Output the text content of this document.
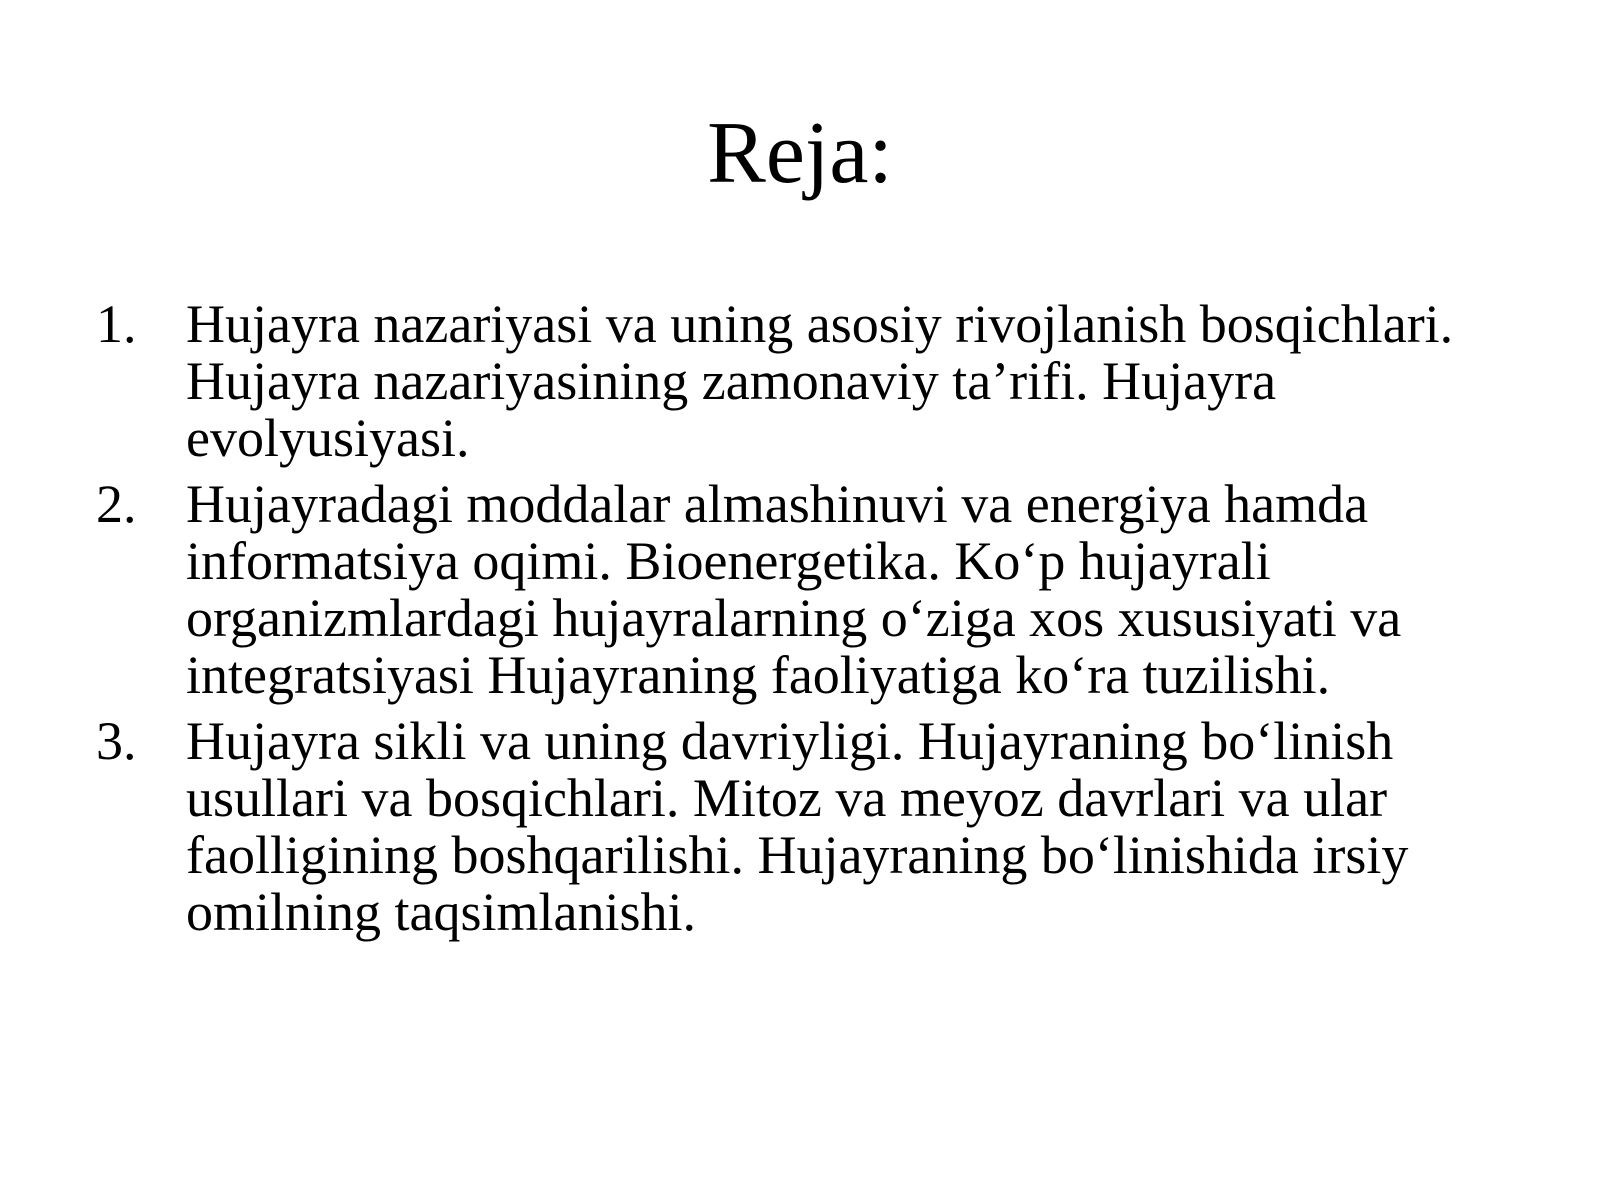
Reja:
1. Hujayra nazariyasi va uning asosiy rivojlanish bosqichlari. Hujayra nazariyasining zamonaviy ta’rifi. Hujayra evolyusiyasi.
2. Hujayradagi moddalar almashinuvi va energiya hamda informatsiya oqimi. Bioenergetika. Ko‘p hujayrali organizmlardagi hujayralarning o‘ziga xos xususiyati va integratsiyasi Hujayraning faoliyatiga ko‘ra tuzilishi.
3. Hujayra sikli va uning davriyligi. Hujayraning bo‘linish usullari va bosqichlari. Mitoz va meyoz davrlari va ular faolligining boshqarilishi. Hujayraning bo‘linishida irsiy omilning taqsimlanishi.
